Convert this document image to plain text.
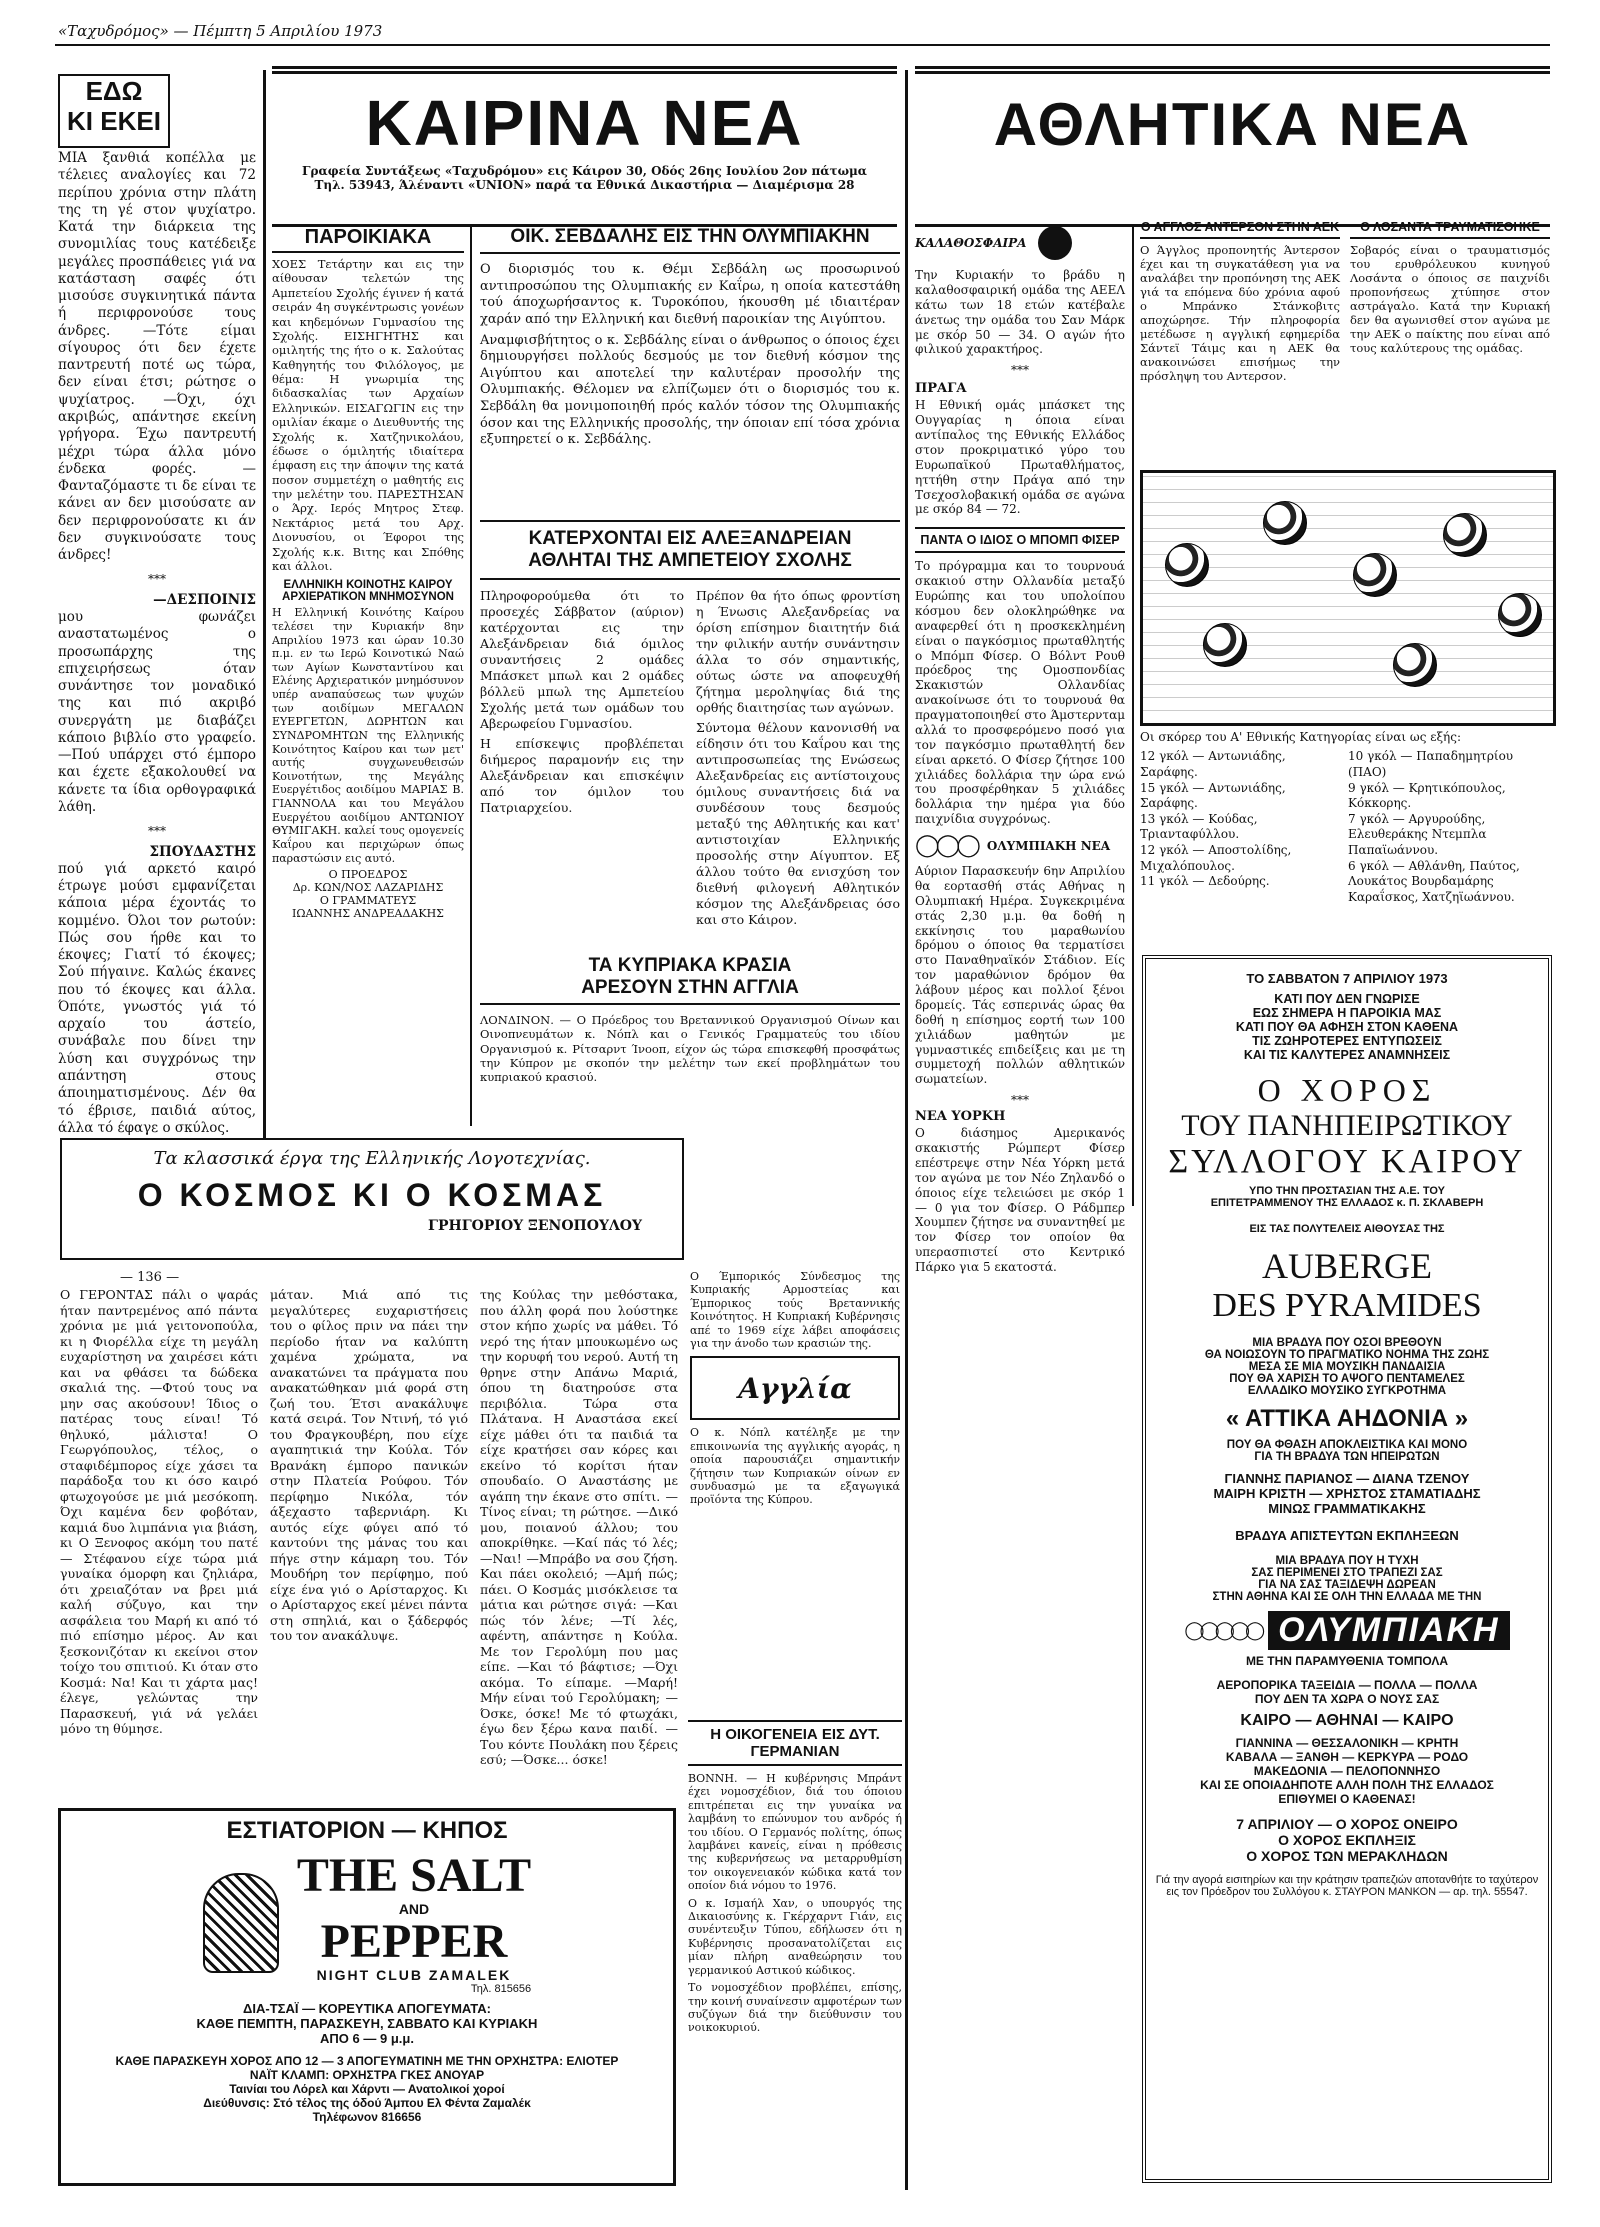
«Ταχυδρόμος» — Πέμπτη 5 Απριλίου 1973
ΕΔΩ
ΚΙ ΕΚΕΙ

ΜΙΑ ξανθιά κοπέλλα με τέλειες αναλογίες και 72 περίπου χρόνια στην πλάτη της τη γέ στον ψυχίατρο. Κατά την διάρκεια της συνομιλίας τους κατέδειξε μεγάλες προσπάθειες γιά να κατάσταση σαφές ότι μισούσε συγκινητικά πάντα ή περιφρονούσε τους άνδρες. —Τότε είμαι σίγουρος ότι δεν έχετε παντρευτή ποτέ ως τώρα, δεν είναι έτσι; ρώτησε ο ψυχίατρος. —Όχι, όχι ακριβώς, απάντησε εκείνη γρήγορα. Έχω παντρευτή μέχρι τώρα άλλα μόνο ένδεκα φορές. —Φανταζόμαστε τι δε είναι τε κάνει αν δεν μισούσατε αν δεν περιφρονούσατε κι άν δεν συγκινούσατε τους άνδρες!

***

—ΔΕΣΠΟΙΝΙΣ

μου φωνάζει αναστατωμένος ο προσωπάρχης της επιχειρήσεως όταν συνάντησε τον μοναδικό της και πιό ακριβό συνεργάτη με διαβάζει κάποιο βιβλίο στο γραφείο. —Πού υπάρχει στό έμπορο και έχετε εξακολουθεί να κάνετε τα ίδια ορθογραφικά λάθη.

***

ΣΠΟΥΔΑΣΤΗΣ

πού γιά αρκετό καιρό έτρωγε μούσι εμφανίζεται κάποια μέρα έχοντάς το κομμένο. Όλοι τον ρωτούν: Πώς σου ήρθε και το έκοψες; Γιατί τό έκοψες; Σού πήγαινε. Καλώς έκανες που τό έκοψες και άλλα. Όπότε, γνωστός γιά τό αρχαίο του άστείο, συνάβαλε που δίνει την λύση και συγχρόνως την απάντηση στους άποιηματισμένους. Δέν θα τό έβρισε, παιδιά αύτος, άλλα τό έφαγε ο σκύλος.

ΚΑΙΡΙΝΑ ΝΕΑ
Γραφεία Συντάξεως «Ταχυδρόμου» εις Κάιρον 30, Οδός 26ης Ιουλίου 2ον πάτωμα
Τηλ. 53943, Άλέναντι «UNION» παρά τα Εθνικά Δικαστήρια — Διαμέρισμα 28
ΠΑΡΟΙΚΙΑΚΑ

ΧΟΕΣ Τετάρτην και εις την αίθουσαν τελετών της Αμπετείου Σχολής έγινεν ή κατά σειράν 4η συγκέντρωσις γονέων και κηδεμόνων Γυμνασίου της Σχολής. ΕΙΣΗΓΗΤΗΣ και ομιλητής της ήτο ο κ. Σαλούτας Καθηγητής του Φιλόλογος, με θέμα: Η γνωριμία της διδασκαλίας των Αρχαίων Ελληνικών. ΕΙΣΑΓΩΓΙΝ εις την ομιλίαν έκαμε ο Διευθυντής της Σχολής κ. Χατζηνικολάου, έδωσε ο όμιλητής ιδιαίτερα έμφαση εις την άποψιν της κατά ποσον συμμετέχη ο μαθητής εις την μελέτην του. ΠΑΡΕΣΤΗΣΑΝ ο Άρχ. Ιερός Μητρος Στεφ. Νεκτάριος μετά του Αρχ. Διονυσίου, οι Έφοροι της Σχολής κ.κ. Βιτης και Σπόθης και άλλοι.

ΕΛΛΗΝΙΚΗ ΚΟΙΝΟΤΗΣ ΚΑΙΡΟΥ ΑΡΧΙΕΡΑΤΙΚΟΝ ΜΝΗΜΟΣΥΝΟΝ

Η Ελληνική Κοινότης Καίρου τελέσει την Κυριακήν 8ην Απριλίου 1973 και ώραν 10.30 π.μ. εν τω Ιερώ Κοινοτικώ Ναώ των Αγίων Κωνσταντίνου και Ελένης Αρχιερατικόν μνημόσυνον υπέρ αναπαύσεως των ψυχών των αοιδίμων ΜΕΓΑΛΩΝ ΕΥΕΡΓΕΤΩΝ, ΔΩΡΗΤΩΝ και ΣΥΝΔΡΟΜΗΤΩΝ της Ελληνικής Κοινότητος Καίρου και των μετ' αυτής συγχωνευθεισών Κοινοτήτων, της Μεγάλης Ευεργέτιδος αοιδίμου ΜΑΡΙΑΣ Β. ΓΙΑΝΝΟΛΑ και του Μεγάλου Ευεργέτου αοιδίμου ΑΝΤΩΝΙΟΥ ΘΥΜΙΓΑΚΗ. καλεί τους ομογενείς Καΐρου και περιχώρων όπως παραστώσιν εις αυτό.

Ο ΠΡΟΕΔΡΟΣ
Δρ. ΚΩΝ/ΝΟΣ ΛΑΖΑΡΙΔΗΣ
Ο ΓΡΑΜΜΑΤΕΥΣ
ΙΩΑΝΝΗΣ ΑΝΔΡΕΑΔΑΚΗΣ
ΟΙΚ. ΣΕΒΔΑΛΗΣ ΕΙΣ ΤΗΝ ΟΛΥΜΠΙΑΚΗΝ

Ο διορισμός του κ. Θέμι Σεβδάλη ως προσωρινού αντιπροσώπου της Ολυμπιακής εν Καΐρω, η οποία κατεστάθη τού άποχωρήσαντος κ. Τυροκόπου, ήκουσθη μέ ιδιαιτέραν χαράν από την Ελληνική και διεθνή παροικίαν της Αιγύπτου.

Αναμφισβήτητος ο κ. Σεβδάλης είναι ο άνθρωπος ο όποιος έχει δημιουργήσει πολλούς δεσμούς με τον διεθνή κόσμον της Αιγύπτου και αποτελεί την καλυτέραν προσολήν της Ολυμπιακής. Θέλομεν να ελπίζωμεν ότι ο διορισμός του κ. Σεβδάλη θα μονιμοποιηθή πρός καλόν τόσον της Ολυμπιακής όσον και της Ελληνικής προσολής, την όποιαν επί τόσα χρόνια εξυπηρετεί ο κ. Σεβδάλης.

ΚΑΤΕΡΧΟΝΤΑΙ ΕΙΣ ΑΛΕΞΑΝΔΡΕΙΑΝ
ΑΘΛΗΤΑΙ ΤΗΣ ΑΜΠΕΤΕΙΟΥ ΣΧΟΛΗΣ

Πληροφορούμεθα ότι το προσεχές Σάββατον (αύριον) κατέρχονται εις την Αλεξάνδρειαν διά όμιλος συναντήσεις 2 ομάδες Μπάσκετ μπωλ και 2 ομάδες βόλλεϋ μπωλ της Αμπετείου Σχολής μετά των ομάδων του Αβερωφείου Γυμνασίου.

Η επίσκεψις προβλέπεται διήμερος παραμονήν εις την Αλεξάνδρειαν και επισκέψιν από τον όμιλον του Πατριαρχείου.

Πρέπον θα ήτο όπως φροντίση η Ένωσις Αλεξανδρείας να όρίση επίσημον διαιτητήν διά την φιλικήν αυτήν συνάντησιν άλλα το σόν σημαντικής, ούτως ώστε να αποφευχθή ζήτημα μεροληψίας διά της ορθής διαιτησίας των αγώνων.

Σύντομα θέλουν κανονισθή να είδησιν ότι του Καΐρου και της αντιπροσωπείας της Ενώσεως Αλεξανδρείας εις αντίστοιχους όμιλους συναντήσεις διά να συνδέσουν τους δεσμούς μεταξύ της Αθλητικής και κατ' αντιστοιχίαν Ελληνικής προσολής στην Αίγυπτον. Εξ άλλου τούτο θα ενισχύση τον διεθνή φιλογενή Αθλητικόν κόσμον της Αλεξάνδρειας όσο και στο Κάιρον.

ΤΑ ΚΥΠΡΙΑΚΑ ΚΡΑΣΙΑ
ΑΡΕΣΟΥΝ ΣΤΗΝ ΑΓΓΛΙΑ

ΛΟΝΔΙΝΟΝ. — Ο Πρόεδρος του Βρεταννικού Οργανισμού Οίνων και Οινοπνευμάτων κ. Νόπλ και ο Γενικός Γραμματεύς του ιδίου Οργανισμού κ. Ρίτσαρντ Ίνοοπ, είχον ώς τώρα επισκεφθή προσφάτως την Κύπρον με σκοπόν την μελέτην των εκεί προβλημάτων του κυπριακού κρασιού.

Τα κλασσικά έργα της Ελληνικής Λογοτεχνίας.
Ο ΚΟΣΜΟΣ ΚΙ Ο ΚΟΣΜΑΣ
ΓΡΗΓΟΡΙΟΥ ΞΕΝΟΠΟΥΛΟΥ
— 136 —

Ο ΓΕΡΟΝΤΑΣ πάλι ο ψαράς ήταν παντρεμένος από πάντα χρόνια με μιά γειτονοπούλα, κι η Φιορέλλα είχε τη μεγάλη ευχαρίστηση να χαιρέσει κάτι και να φθάσει τα δώδεκα σκαλιά της. —Φτού τους να μην σας ακούσουν! Ίδιος ο πατέρας τους είναι! Τό θηλυκό, μάλιστα! Ο Γεωργόπουλος, τέλος, ο σταφιδέμπορος είχε χάσει τα παράδοξα του κι όσο καιρό φτωχογούσε με μιά μεσόκοπη. Όχι καμένα δεν φοβόταν, καμιά δυο λιμπάνια για βιάση, κι Ο Ξενοφος ακόμη του πατέ — Στέφανου είχε τώρα μιά γυναίκα όμορφη και ζηλιάρα, ότι χρειαζόταν να βρει μιά καλή σύζυγο, και την ασφάλεια του Μαρή κι από τό πιό επίσημο μέρος. Αν και ξεσκονιζόταν κι εκείνοι στον τοίχο του σπιτιού. Κι όταν στο Κοσμά: Να! Και τι χάρτα μας! έλεγε, γελώντας την Παρασκευή, γιά νά γελάει μόνο τη θύμησε.

μάταν. Μιά από τις μεγαλύτερες ευχαριστήσεις του ο φίλος πριν να πάει την περίοδο ήταν να καλύπτη χαμένα χρώματα, να ανακατώνει τα πράγματα που ανακατώθηκαν μιά φορά στη ζωή του. Έτσι ανακάλυψε κατά σειρά. Τον Ντινή, τό γιό του Φραγκουβέρη, που είχε αγαπητικιά την Κούλα. Τόν Βρανάκη έμπορο πανικών στην Πλατεία Ρούφου. Τόν περίφημο Νικόλα, τόν άξεχαστο ταβερνιάρη. Κι αυτός είχε φύγει από τό καντούνι της μάνας του και πήγε στην κάμαρη του. Τόν Μουδήρη τον περίφημο, πού είχε ένα γιό ο Αρίσταρχος. Κι ο Αρίσταρχος εκεί μένει πάντα στη σπηλιά, και ο ξάδερφός του τον ανακάλυψε.

της Κούλας την μεθόστακα, που άλλη φορά που λούστηκε στον κήπο χωρίς να μάθει. Τό νερό της ήταν μπουκωμένο ως την κορυφή του νερού. Αυτή τη θρηνε στην Απάνω Μαριά, όπου τη διατηρούσε στα περιβόλια. Τώρα στα Πλάτανα. Η Αναστάσα εκεί είχε μάθει ότι τα παιδιά τα είχε κρατήσει σαν κόρες και εκείνο τό κορίτσι ήταν σπουδαίο. Ο Αναστάσης με αγάπη την έκανε στο σπίτι. —Τίνος είναι; τη ρώτησε. —Δικό μου, ποιανού άλλου; του αποκρίθηκε. —Καί πάς τό λές; —Ναι! —Μπράβο να σου ζήση. Και πάει οκολειό; —Αμή πώς; πάει. Ο Κοσμάς μισόκλεισε τα μάτια και ρώτησε σιγά: —Και πώς τόν λένε; —Τί λές, αφέντη, απάντησε η Κούλα. Με τον Γερολύμη που μας είπε. —Και τό βάφτισε; —Όχι ακόμα. Το είπαμε. —Μαρή! Μήν είναι τού Γερολύμακη; —Όσκε, όσκε! Με τό φτωχάκι, έγω δεν ξέρω κανα παιδί. —Του κόντε Πουλάκη που ξέρεις εσύ; —Όσκε... όσκε!

Ο Έμπορικός Σύνδεσμος της Κυπριακής Αρμοστείας και Έμπορικος τούς Βρεταννικής Κοινότητος. Η Κυπριακή Κυβέρνησις απέ το 1969 είχε λάβει αποφάσεις για την άνοδο των κρασιών της.

Αγγλία

Ο κ. Νόπλ κατέληξε με την επικοινωνία της αγγλικής αγοράς, η οποία παρουσιάζει σημαντικήν ζήτησιν των Κυπριακών οίνων εν συνδυασμώ με τα εξαγωγικά προϊόντα της Κύπρου.

Η ΟΙΚΟΓΕΝΕΙΑ ΕΙΣ ΔΥΤ. ΓΕΡΜΑΝΙΑΝ

ΒΟΝΝΗ. — Η κυβέρνησις Μπράντ έχει νομοσχέδιον, διά του όποιου επιτρέπεται εις την γυναίκα να λαμβάνη το επώνυμον του ανδρός ή του ιδίου. Ο Γερμανός πολίτης, όπως λαμβάνει κανείς, είναι η πρόθεσις της κυβερνήσεως να μεταρρυθμίση τον οικογενειακόν κώδικα κατά τον οποίον διά νόμου το 1976.

Ο κ. Ισμαήλ Χαν, ο υπουργός της Δικαιοσύνης κ. Γκέρχαρντ Γιάν, εις συνέντευξιν Τύπου, εδήλωσεν ότι η Κυβέρνησις προσανατολίζεται εις μίαν πλήρη αναθεώρησιν του γερμανικού Αστικού κώδικος.

Το νομοσχέδιον προβλέπει, επίσης, την κοινή συναίνεσιν αμφοτέρων των συζύγων διά την διεύθυνσιν του νοικοκυριού.

ΕΣΤΙΑΤΟΡΙΟΝ — ΚΗΠΟΣ

THE SALT

AND

PEPPER

NIGHT CLUB ZAMALEK

Τηλ. 815656

ΔΙΑ-ΤΣΑΪ — ΚΟΡΕΥΤΙΚΑ ΑΠΟΓΕΥΜΑΤΑ:

ΚΑΘΕ ΠΕΜΠΤΗ, ΠΑΡΑΣΚΕΥΗ, ΣΑΒΒΑΤΟ ΚΑΙ ΚΥΡΙΑΚΗ

ΑΠΟ 6 — 9 μ.μ.

ΚΑΘΕ ΠΑΡΑΣΚΕΥΗ ΧΟΡΟΣ ΑΠΟ 12 — 3 ΑΠΟΓΕΥΜΑΤΙΝΗ ΜΕ ΤΗΝ ΟΡΧΗΣΤΡΑ: ΕΛΙΟΤΕΡ

ΝΑΪΤ ΚΛΑΜΠ: ΟΡΧΗΣΤΡΑ ΓΚΕΣ ΑΝΟΥΑΡ

Ταινίαι του Λόρελ και Χάρντι — Ανατολικοί χοροί

Διεύθυνσις: Στό τέλος της όδού Άμπου Ελ Φέντα Ζαμαλέκ

Τηλέφωνον 816656

ΑΘΛΗΤΙΚΑ ΝΕΑ
ΚΑΛΑΘΟΣΦΑΙΡΑ

Την Κυριακήν το βράδυ η καλαθοσφαιρική ομάδα της ΑΕΕΛ κάτω των 18 ετών κατέβαλε άνετως την ομάδα του Σαν Μάρκ με σκόρ 50 — 34. Ο αγών ήτο φιλικού χαρακτήρος.

***

ΠΡΑΓΑ

Η Εθνική ομάς μπάσκετ της Ουγγαρίας η όποια είναι αντίπαλος της Εθνικής Ελλάδος στον προκριματικό γύρο του Ευρωπαϊκού Πρωταθλήματος, ηττήθη στην Πράγα από την Τσεχοσλοβακική ομάδα σε αγώνα με σκόρ 84 — 72.

ΠΑΝΤΑ Ο ΙΔΙΟΣ Ο ΜΠΟΜΠ ΦΙΣΕΡ

Το πρόγραμμα και το τουρνουά σκακιού στην Ολλανδία μεταξύ Ευρώπης και του υπολοίπου κόσμου δεν ολοκληρώθηκε να αναφερθεί ότι η προσκεκλημένη είναι ο παγκόσμιος πρωταθλητής ο Μπόμπ Φίσερ. Ο Βόλντ Ρουθ πρόεδρος της Ομοσπονδίας Σκακιστών Ολλανδίας ανακοίνωσε ότι το τουρνουά θα πραγματοποιηθεί στο Άμστερνταμ αλλά το προσφερόμενο ποσό για τον παγκόσμιο πρωταθλητή δεν είναι αρκετό. Ο Φίσερ ζήτησε 100 χιλιάδες δολλάρια την ώρα ενώ του προσφέρθηκαν 5 χιλιάδες δολλάρια την ημέρα για δύο παιχνίδια συγχρόνως.

◯◯◯ ΟΛΥΜΠΙΑΚΗ ΝΕΑ

Αύριον Παρασκευήν 6ην Απριλίου θα εορτασθή στάς Αθήνας η Ολυμπιακή Ημέρα. Συγκεκριμένα στάς 2,30 μ.μ. θα δοθή η εκκίνησις του μαραθωνίου δρόμου ο όποιος θα τερματίσει στο Παναθηναϊκόν Στάδιον. Είς τον μαραθώνιον δρόμον θα λάβουν μέρος και πολλοί ξένοι δρομείς. Τάς εσπερινάς ώρας θα δοθή η επίσημος εορτή των 100 χιλιάδων μαθητών με γυμναστικές επιδείξεις και με τη συμμετοχή πολλών αθλητικών σωματείων.

***

ΝΕΑ ΥΟΡΚΗ

Ο διάσημος Αμερικανός σκακιστής Ρώμπερτ Φίσερ επέστρεψε στην Νέα Υόρκη μετά τον αγώνα με τον Νέο Ζηλανδό ο όποιος είχε τελειώσει με σκόρ 1 — 0 για τον Φίσερ. Ο Ράδμπερ Χουμπεν ζήτησε να συναντηθεί με τον Φίσερ τον οποίον θα υπερασπιστεί στο Κεντρικό Πάρκο για 5 εκατοστά.

Ο ΑΓΓΛΟΣ ΑΝΤΕΡΣΟΝ ΣΤΗΝ ΑΕΚ

Ο Άγγλος προπονητής Άντερσον έχει και τη συγκατάθεση για να αναλάβει την προπόνηση της ΑΕΚ γιά τα επόμενα δύο χρόνια αφού ο Μπράνκο Στάνκοβιτς αποχώρησε. Τήν πληροφορία μετέδωσε η αγγλική εφημερίδα Σάντεϊ Τάιμς και η ΑΕΚ θα ανακοινώσει επισήμως την πρόσληψη του Αντερσον.

Ο ΛΟΣΑΝΤΑ ΤΡΑΥΜΑΤΙΣΘΗΚΕ

Σοβαρός είναι ο τραυματισμός του ερυθρόλευκου κυνηγού Λοσάντα ο όποιος σε παιχνίδι προπονήσεως χτύπησε στον αστράγαλο. Κατά την Κυριακή δεν θα αγωνισθεί στον αγώνα με την ΑΕΚ ο παίκτης που είναι από τους καλύτερους της ομάδας.

Οι σκόρερ του Α' Εθνικής Κατηγορίας είναι ως εξής:

12 γκόλ — Αντωνιάδης, Σαράφης.
15 γκόλ — Αντωνιάδης, Σαράφης.
13 γκόλ — Κούδας, Τριανταφύλλου.
12 γκόλ — Αποστολίδης, Μιχαλόπουλος.
11 γκόλ — Δεδούρης.
10 γκόλ — Παπαδημητρίου (ΠΑΟ)
9 γκόλ — Κρητικόπουλος, Κόκκορης.
7 γκόλ — Αργυρούδης, Ελευθεράκης Ντεμπλα Παπαϊωάννου.
6 γκόλ — Αθλάνθη, Παύτος, Λουκάτος Βουρδαμάρης Καραΐσκος, Χατζηϊωάννου.

ΤΟ ΣΑΒΒΑΤΟΝ 7 ΑΠΡΙΛΙΟΥ 1973

ΚΑΤΙ ΠΟΥ ΔΕΝ ΓΝΩΡΙΣΕ

ΕΩΣ ΣΗΜΕΡΑ Η ΠΑΡΟΙΚΙΑ ΜΑΣ

ΚΑΤΙ ΠΟΥ ΘΑ ΑΦΗΣΗ ΣΤΟΝ ΚΑΘΕΝΑ

ΤΙΣ ΖΩΗΡΟΤΕΡΕΣ ΕΝΤΥΠΩΣΕΙΣ

ΚΑΙ ΤΙΣ ΚΑΛΥΤΕΡΕΣ ΑΝΑΜΝΗΣΕΙΣ

Ο ΧΟΡΟΣ

ΤΟΥ ΠΑΝΗΠΕΙΡΩΤΙΚΟΥ

ΣΥΛΛΟΓΟΥ ΚΑΙΡΟΥ

ΥΠΟ ΤΗΝ ΠΡΟΣΤΑΣΙΑΝ ΤΗΣ Α.Ε. ΤΟΥ

ΕΠΙΤΕΤΡΑΜΜΕΝΟΥ ΤΗΣ ΕΛΛΑΔΟΣ κ. Π. ΣΚΛΑΒΕΡΗ

ΕΙΣ ΤΑΣ ΠΟΛΥΤΕΛΕΙΣ ΑΙΘΟΥΣΑΣ ΤΗΣ

AUBERGE

DES PYRAMIDES

ΜΙΑ ΒΡΑΔΥΑ ΠΟΥ ΟΣΟΙ ΒΡΕΘΟΥΝ

ΘΑ ΝΟΙΩΣΟΥΝ ΤΟ ΠΡΑΓΜΑΤΙΚΟ ΝΟΗΜΑ ΤΗΣ ΖΩΗΣ

ΜΕΣΑ ΣΕ ΜΙΑ ΜΟΥΣΙΚΗ ΠΑΝΔΑΙΣΙΑ

ΠΟΥ ΘΑ ΧΑΡΙΣΗ ΤΟ ΑΨΟΓΟ ΠΕΝΤΑΜΕΛΕΣ

ΕΛΛΑΔΙΚΟ ΜΟΥΣΙΚΟ ΣΥΓΚΡΟΤΗΜΑ

« ΑΤΤΙΚΑ ΑΗΔΟΝΙΑ »

ΠΟΥ ΘΑ ΦΘΑΣΗ ΑΠΟΚΛΕΙΣΤΙΚΑ ΚΑΙ ΜΟΝΟ

ΓΙΑ ΤΗ ΒΡΑΔΥΑ ΤΩΝ ΗΠΕΙΡΩΤΩΝ

ΓΙΑΝΝΗΣ ΠΑΡΙΑΝΟΣ — ΔΙΑΝΑ ΤΖΕΝΟΥ

ΜΑΙΡΗ ΚΡΙΣΤΗ — ΧΡΗΣΤΟΣ ΣΤΑΜΑΤΙΑΔΗΣ

ΜΙΝΩΣ ΓΡΑΜΜΑΤΙΚΑΚΗΣ

ΒΡΑΔΥΑ ΑΠΙΣΤΕΥΤΩΝ ΕΚΠΛΗΞΕΩΝ

ΜΙΑ ΒΡΑΔΥΑ ΠΟΥ Η ΤΥΧΗ

ΣΑΣ ΠΕΡΙΜΕΝΕΙ ΣΤΟ ΤΡΑΠΕΖΙ ΣΑΣ

ΓΙΑ ΝΑ ΣΑΣ ΤΑΞΙΔΕΨΗ ΔΩΡΕΑΝ

ΣΤΗΝ ΑΘΗΝΑ ΚΑΙ ΣΕ ΟΛΗ ΤΗΝ ΕΛΛΑΔΑ ΜΕ ΤΗΝ

◯◯◯◯◯ ΟΛΥΜΠΙΑΚΗ

ΜΕ ΤΗΝ ΠΑΡΑΜΥΘΕΝΙΑ ΤΟΜΠΟΛΑ

ΑΕΡΟΠΟΡΙΚΑ ΤΑΞΕΙΔΙΑ — ΠΟΛΛΑ — ΠΟΛΛΑ

ΠΟΥ ΔΕΝ ΤΑ ΧΩΡΑ Ο ΝΟΥΣ ΣΑΣ

ΚΑΙΡΟ — ΑΘΗΝΑΙ — ΚΑΙΡΟ

ΓΙΑΝΝΙΝΑ — ΘΕΣΣΑΛΟΝΙΚΗ — ΚΡΗΤΗ

ΚΑΒΑΛΑ — ΞΑΝΘΗ — ΚΕΡΚΥΡΑ — ΡΟΔΟ

ΜΑΚΕΔΟΝΙΑ — ΠΕΛΟΠΟΝΝΗΣΟ

ΚΑΙ ΣΕ ΟΠΟΙΑΔΗΠΟΤΕ ΑΛΛΗ ΠΟΛΗ ΤΗΣ ΕΛΛΑΔΟΣ

ΕΠΙΘΥΜΕΙ Ο ΚΑΘΕΝΑΣ!

7 ΑΠΡΙΛΙΟΥ — Ο ΧΟΡΟΣ ΟΝΕΙΡΟ

Ο ΧΟΡΟΣ ΕΚΠΛΗΞΙΣ

Ο ΧΟΡΟΣ ΤΩΝ ΜΕΡΑΚΛΗΔΩΝ

Γιά την αγορά εισιτηρίων και την κράτησιν τραπεζιών αποτανθήτε το ταχύτερον εις τον Πρόεδρον του Συλλόγου κ. ΣΤΑΥΡΟΝ ΜΑΝΚΟΝ — αρ. τηλ. 55547.
